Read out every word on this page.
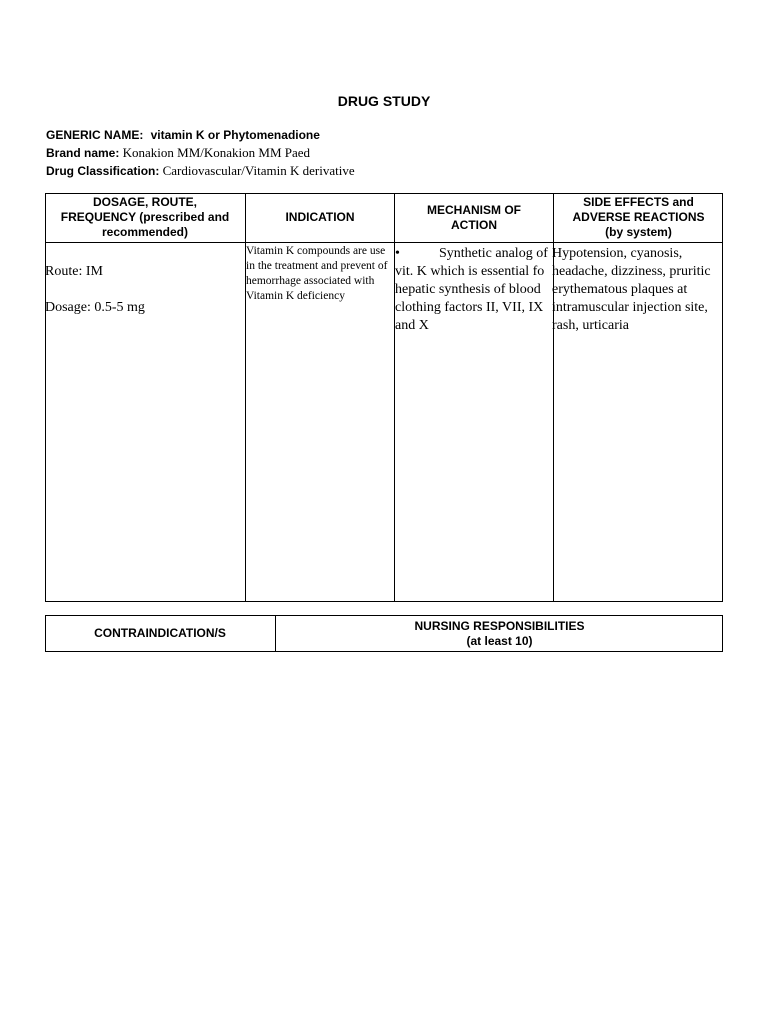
DRUG STUDY
GENERIC NAME: vitamin K or Phytomenadione
Brand name: Konakion MM/Konakion MM Paed
Drug Classification: Cardiovascular/Vitamin K derivative
DOSAGE, ROUTE,
FREQUENCY (prescribed and
recommended)
INDICATION
MECHANISM OF
ACTION
SIDE EFFECTS and
ADVERSE REACTIONS
(by system)
Route: IM
Dosage: 0.5-5 mg
Vitamin K compounds are use in the treatment and prevent of hemorrhage associated with Vitamin K deficiency
•	Synthetic analog of vit. K which is essential fo hepatic synthesis of blood clothing factors II, VII, IX and X
Hypotension, cyanosis, headache, dizziness, pruritic erythematous plaques at intramuscular injection site, rash, urticaria
CONTRAINDICATION/S
NURSING RESPONSIBILITIES
(at least 10)
